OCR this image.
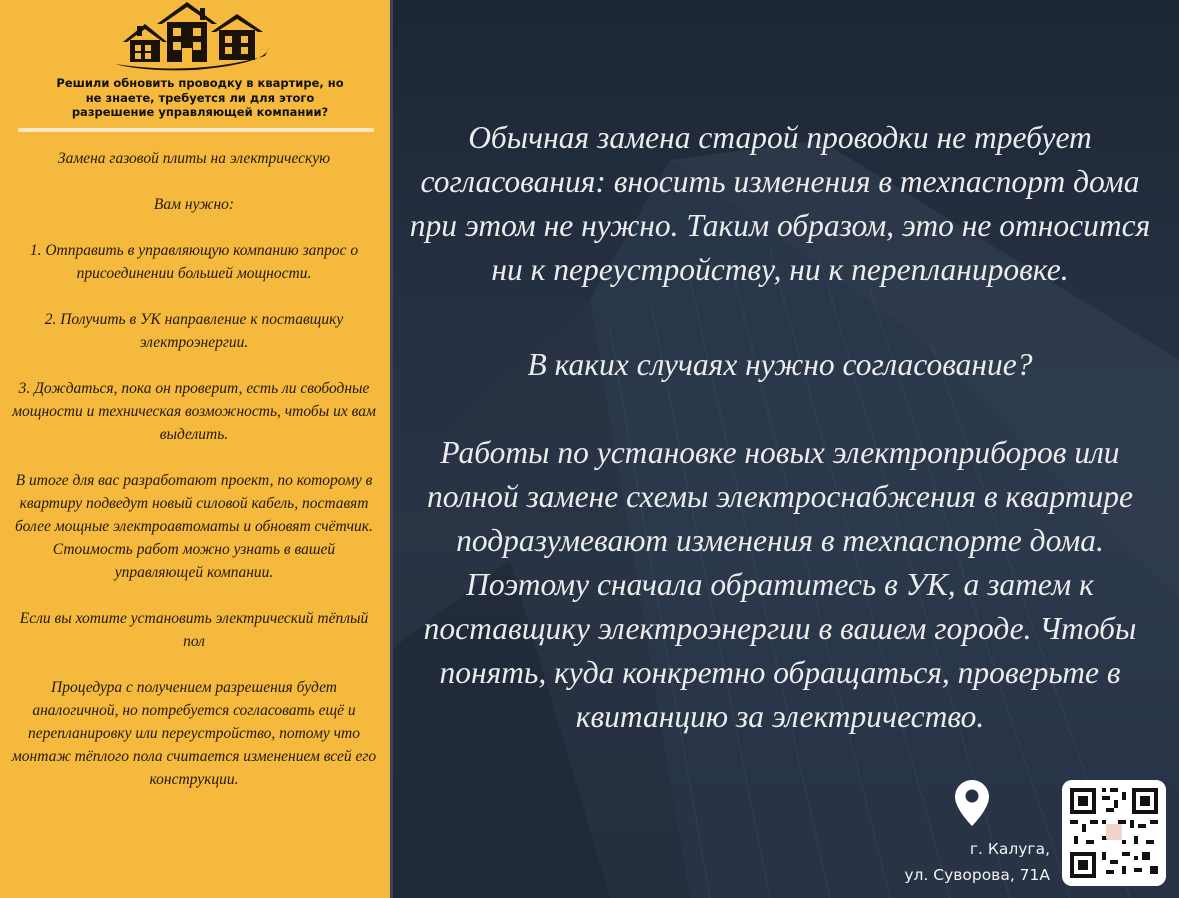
Решили обновить проводку в квартире, но
не знаете, требуется ли для этого
разрешение управляющей компании?

Замена газовой плиты на электрическую

Вам нужно:

1. Отправить в управляющую компанию запрос о присоединении большей мощности.

2. Получить в УК направление к поставщику электроэнергии.

3. Дождаться, пока он проверит, есть ли свободные мощности и техническая возможность, чтобы их вам выделить.

В итоге для вас разработают проект, по которому в квартиру подведут новый силовой кабель, поставят более мощные электроавтоматы и обновят счётчик. Стоимость работ можно узнать в вашей управляющей компании.

Если вы хотите установить электрический тёплый пол

Процедура с получением разрешения будет аналогичной, но потребуется согласовать ещё и перепланировку или переустройство, потому что монтаж тёплого пола считается изменением всей его конструкции.

Обычная замена старой проводки не требует согласования: вносить изменения в техпаспорт дома при этом не нужно. Таким образом, это не относится ни к переустройству, ни к перепланировке.

В каких случаях нужно согласование?

Работы по установке новых электроприборов или полной замене схемы электроснабжения в квартире подразумевают изменения в техпаспорте дома. Поэтому сначала обратитесь в УК, а затем к поставщику электроэнергии в вашем городе. Чтобы понять, куда конкретно обращаться, проверьте в квитанцию за электричество.

г. Калуга,
ул. Суворова, 71А
